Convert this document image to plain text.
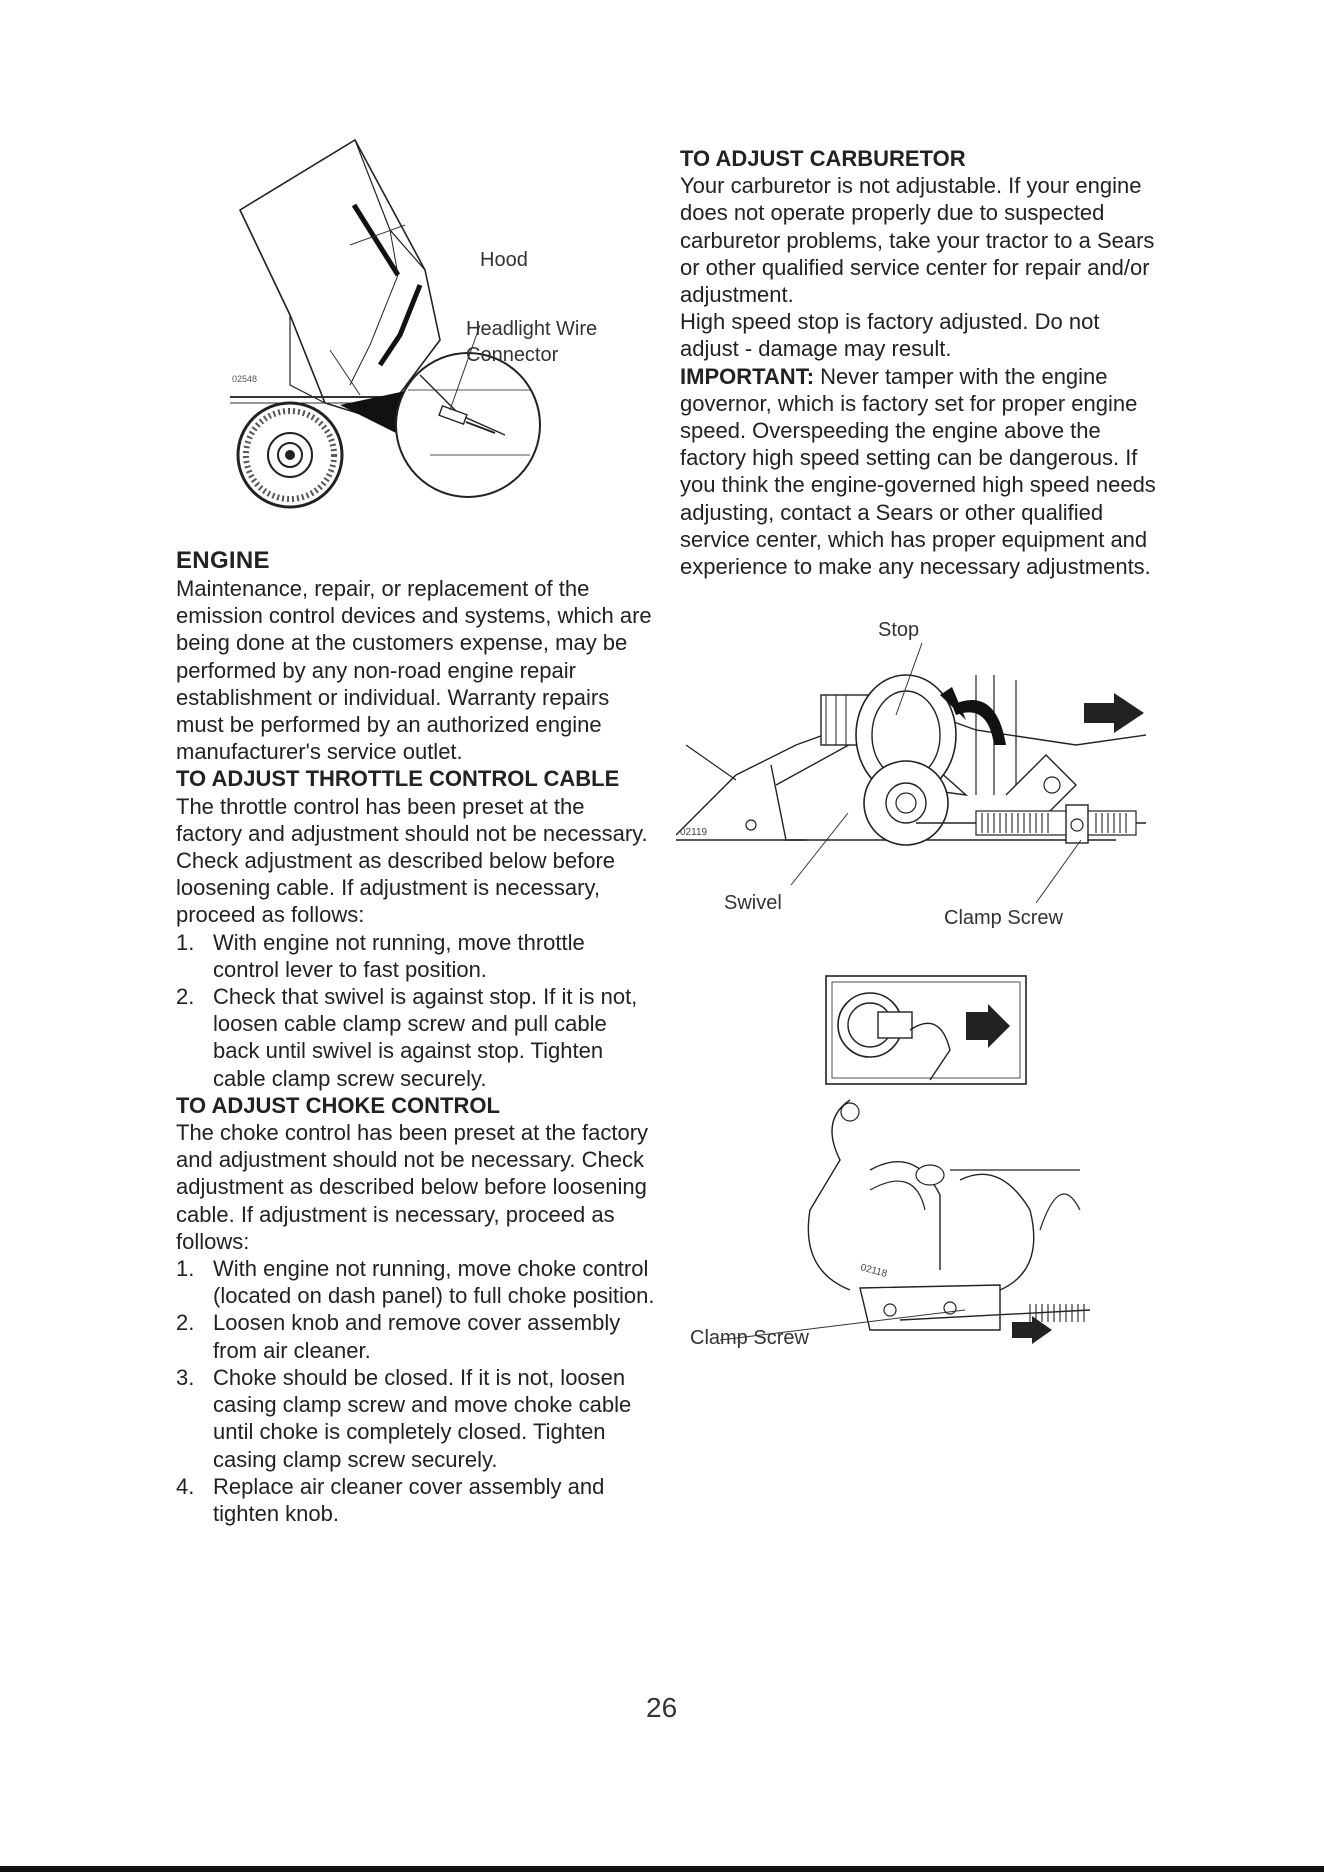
02548
Hood
Headlight Wire
Connector
ENGINE

Maintenance, repair, or replacement of the emission control devices and systems, which are being done at the customers expense, may be performed by any non-road engine repair establishment or individual. Warranty repairs must be performed by an authorized engine manufacturer's service outlet.

TO ADJUST THROTTLE CONTROL CABLE

The throttle control has been preset at the factory and adjustment should not be necessary. Check adjustment as described below before loosening cable. If adjustment is necessary, proceed as follows:

1. With engine not running, move throttle control lever to fast position.
2. Check that swivel is against stop. If it is not, loosen cable clamp screw and pull cable back until swivel is against stop. Tighten cable clamp screw securely.
TO ADJUST CHOKE CONTROL

The choke control has been preset at the factory and adjustment should not be necessary. Check adjustment as described below before loosening cable. If adjustment is necessary, proceed as follows:

1. With engine not running, move choke control (located on dash panel) to full choke position.
2. Loosen knob and remove cover assembly from air cleaner.
3. Choke should be closed. If it is not, loosen casing clamp screw and move choke cable until choke is completely closed. Tighten casing clamp screw securely.
4. Replace air cleaner cover assembly and tighten knob.
TO ADJUST CARBURETOR

Your carburetor is not adjustable. If your engine does not operate properly due to suspected carburetor problems, take your tractor to a Sears or other qualified service center for repair and/or adjustment.

High speed stop is factory adjusted. Do not adjust - damage may result.

IMPORTANT: Never tamper with the engine governor, which is factory set for proper engine speed. Overspeeding the engine above the factory high speed setting can be dangerous. If you think the engine-governed high speed needs adjusting, contact a Sears or other qualified service center, which has proper equipment and experience to make any necessary adjustments.

02119
Stop
Swivel
Clamp Screw
02118
Clamp Screw
26
